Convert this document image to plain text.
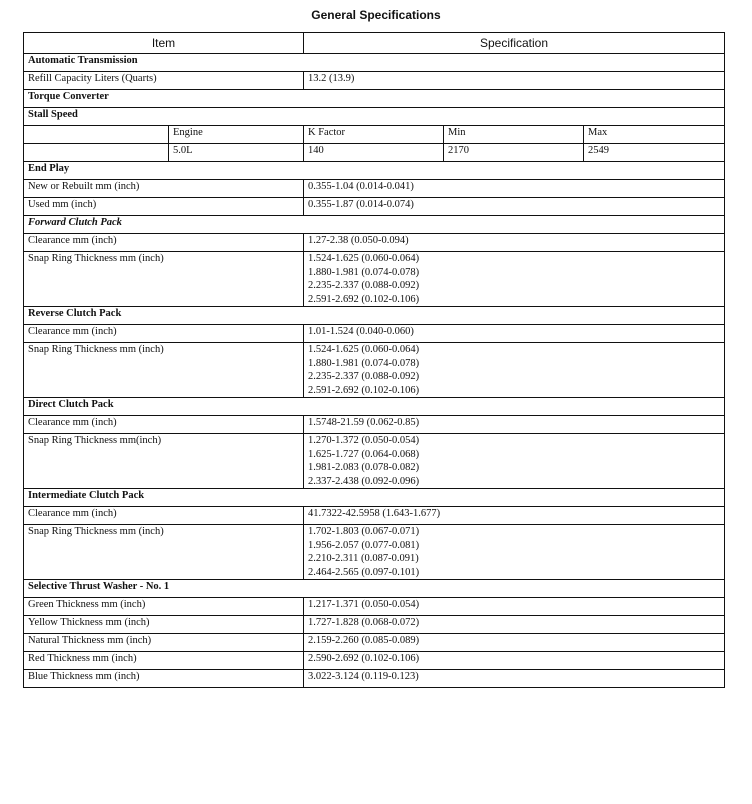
General Specifications
Item		Specification		
Automatic Transmission				
Refill Capacity Liters (Quarts)		13.2 (13.9)		
Torque Converter				
Stall Speed				
	Engine	K Factor	Min	Max
	5.0L	140	2170	2549
End Play				
New or Rebuilt mm (inch)		0.355-1.04 (0.014-0.041)		
Used mm (inch)		0.355-1.87 (0.014-0.074)		
Forward Clutch Pack				
Clearance mm (inch)		1.27-2.38 (0.050-0.094)		
Snap Ring Thickness mm (inch)		1.524-1.625 (0.060-0.064)
1.880-1.981 (0.074-0.078)
2.235-2.337 (0.088-0.092)
2.591-2.692 (0.102-0.106)		

Reverse Clutch Pack				
Clearance mm (inch)		1.01-1.524 (0.040-0.060)		
Snap Ring Thickness mm (inch)		1.524-1.625 (0.060-0.064)
1.880-1.981 (0.074-0.078)
2.235-2.337 (0.088-0.092)
2.591-2.692 (0.102-0.106)		

Direct Clutch Pack				
Clearance mm (inch)		1.5748-21.59 (0.062-0.85)		
Snap Ring Thickness mm(inch)		1.270-1.372 (0.050-0.054)
1.625-1.727 (0.064-0.068)
1.981-2.083 (0.078-0.082)
2.337-2.438 (0.092-0.096)		

Intermediate Clutch Pack				
Clearance mm (inch)		41.7322-42.5958 (1.643-1.677)		
Snap Ring Thickness mm (inch)		1.702-1.803 (0.067-0.071)
1.956-2.057 (0.077-0.081)
2.210-2.311 (0.087-0.091)
2.464-2.565 (0.097-0.101)		

Selective Thrust Washer - No. 1				
Green Thickness mm (inch)		1.217-1.371 (0.050-0.054)		
Yellow Thickness mm (inch)		1.727-1.828 (0.068-0.072)		
Natural Thickness mm (inch)		2.159-2.260 (0.085-0.089)		
Red Thickness mm (inch)		2.590-2.692 (0.102-0.106)		
Blue Thickness mm (inch)		3.022-3.124 (0.119-0.123)		
